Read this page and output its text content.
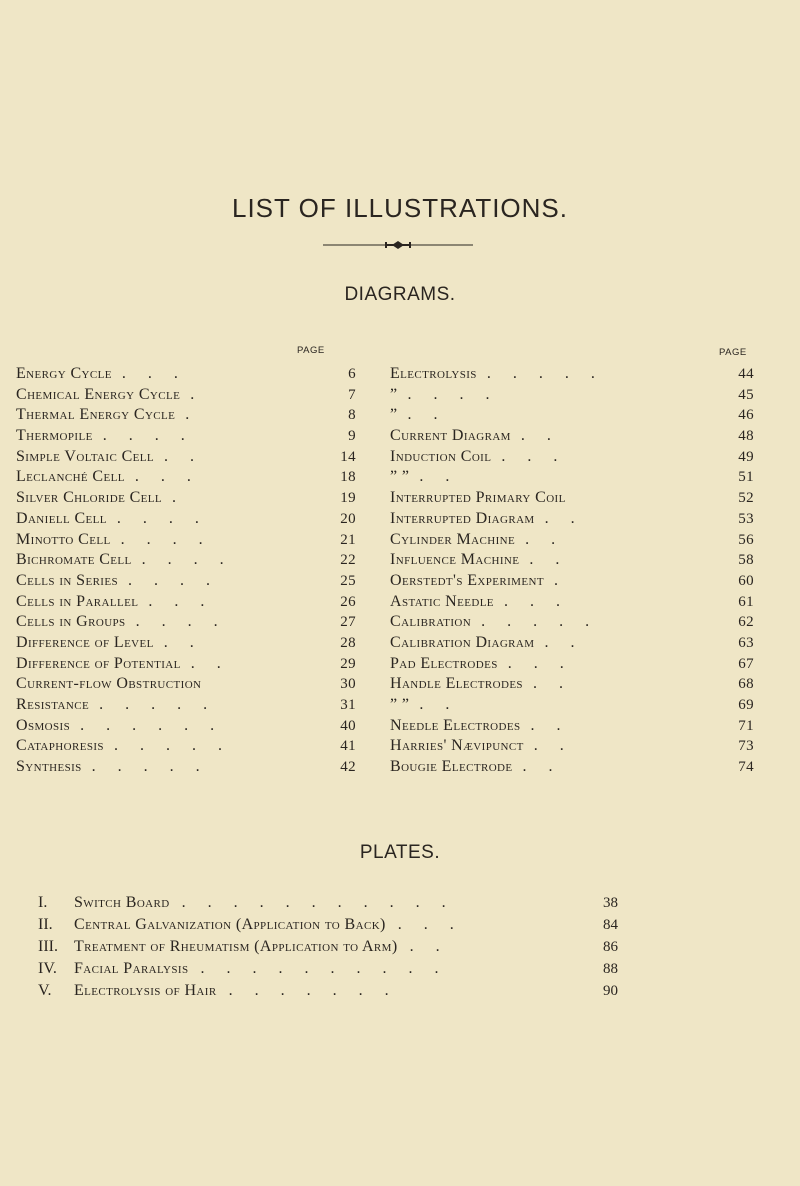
LIST OF ILLUSTRATIONS.
DIAGRAMS.
PAGE	PAGE
Energy Cycle . . .	6
Chemical Energy Cycle .	7
Thermal Energy Cycle .	8
Thermopile . . . .	9
Simple Voltaic Cell . .	14
Leclanché Cell . . .	18
Silver Chloride Cell .	19
Daniell Cell . . . .	20
Minotto Cell . . . .	21
Bichromate Cell . . . .	22
Cells in Series . . . .	25
Cells in Parallel . . .	26
Cells in Groups . . . .	27
Difference of Level . .	28
Difference of Potential . .	29
Current-flow Obstruction	30
Resistance . . . . .	31
Osmosis . . . . . .	40
Cataphoresis . . . . .	41
Synthesis . . . . .	42
Electrolysis . . . . .	44
” . . . .	45
” . .	46
Current Diagram . .	48
Induction Coil . . .	49
” ” . .	51
Interrupted Primary Coil	52
Interrupted Diagram . .	53
Cylinder Machine . .	56
Influence Machine . .	58
Oerstedt's Experiment .	60
Astatic Needle . . .	61
Calibration . . . . .	62
Calibration Diagram . .	63
Pad Electrodes . . .	67
Handle Electrodes . .	68
” ” . .	69
Needle Electrodes . .	71
Harries' Nævipunct . .	73
Bougie Electrode . .	74
PLATES.
I.	Switch Board . . . . . . . . . . .	38
II.	Central Galvanization (Application to Back) . . .	84
III.	Treatment of Rheumatism (Application to Arm) . .	86
IV.	Facial Paralysis . . . . . . . . . .	88
V.	Electrolysis of Hair . . . . . . .	90
